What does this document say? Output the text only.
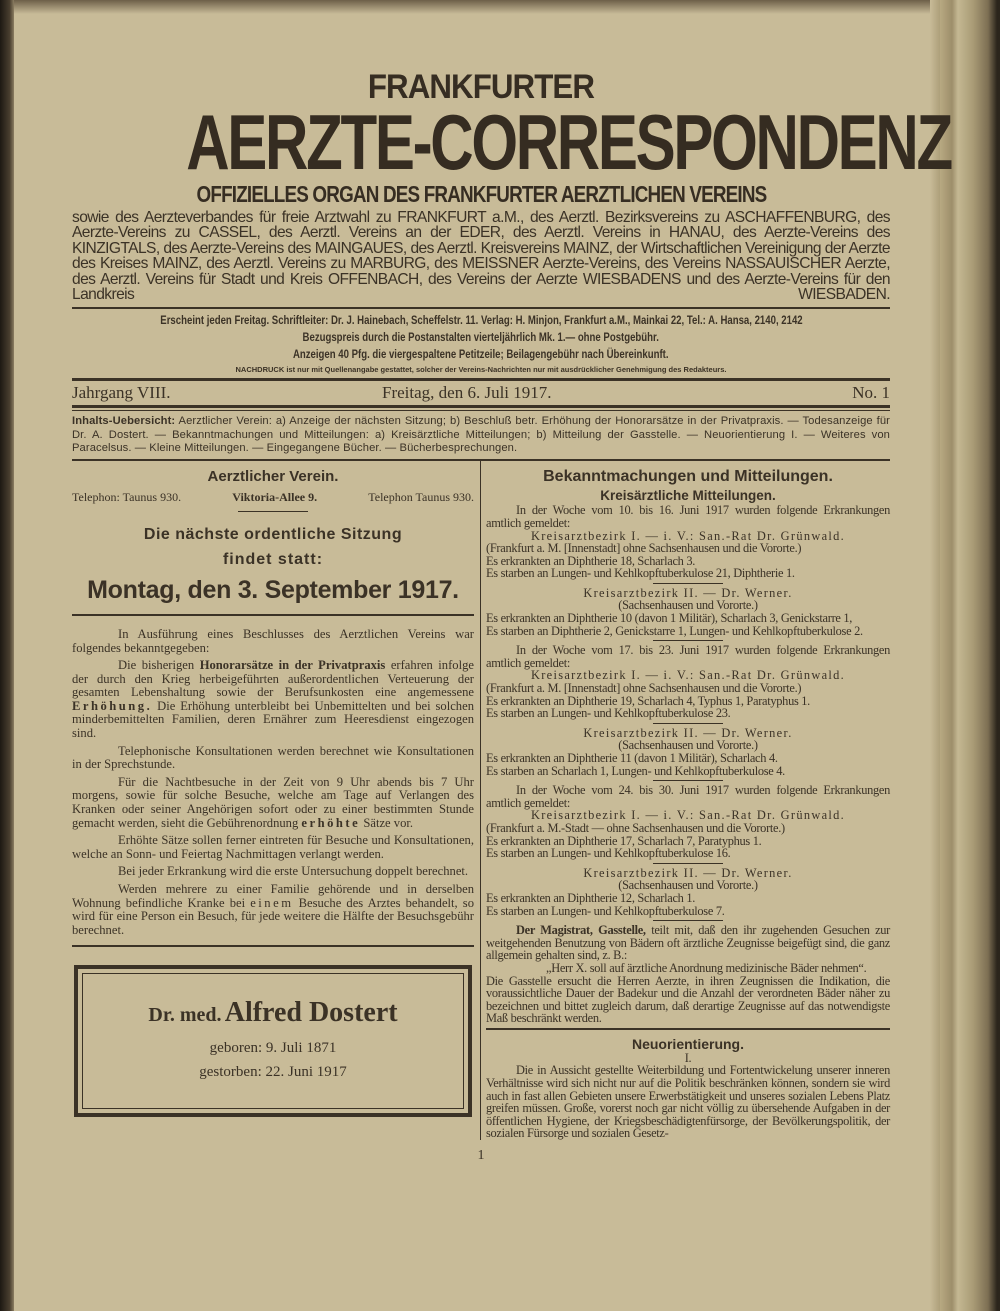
FRANKFURTER
AERZTE-CORRESPONDENZ
OFFIZIELLES ORGAN DES FRANKFURTER AERZTLICHEN VEREINS
sowie des Aerzteverbandes für freie Arztwahl zu FRANKFURT a.M., des Aerztl. Bezirksvereins zu ASCHAFFENBURG, des Aerzte-Vereins zu CASSEL, des Aerztl. Vereins an der EDER, des Aerztl. Vereins in HANAU, des Aerzte-Vereins des KINZIGTALS, des Aerzte-Vereins des MAINGAUES, des Aerztl. Kreisvereins MAINZ, der Wirtschaftlichen Vereinigung der Aerzte des Kreises MAINZ, des Aerztl. Vereins zu MARBURG, des MEISSNER Aerzte-Vereins, des Vereins NASSAUISCHER Aerzte, des Aerztl. Vereins für Stadt und Kreis OFFENBACH, des Vereins der Aerzte WIESBADENS und des Aerzte-Vereins für den Landkreis WIESBADEN.
Erscheint jeden Freitag. Schriftleiter: Dr. J. Hainebach, Scheffelstr. 11. Verlag: H. Minjon, Frankfurt a.M., Mainkai 22, Tel.: A. Hansa, 2140, 2142
Bezugspreis durch die Postanstalten vierteljährlich Mk. 1.— ohne Postgebühr.
Anzeigen 40 Pfg. die viergespaltene Petitzeile; Beilagengebühr nach Übereinkunft.
NACHDRUCK ist nur mit Quellenangabe gestattet, solcher der Vereins-Nachrichten nur mit ausdrücklicher Genehmigung des Redakteurs.
Jahrgang VIII.	Freitag, den 6. Juli 1917.	No. 1
Inhalts-Uebersicht: Aerztlicher Verein: a) Anzeige der nächsten Sitzung; b) Beschluß betr. Erhöhung der Honorarsätze in der Privatpraxis. — Todesanzeige für Dr. A. Dostert. — Bekanntmachungen und Mitteilungen: a) Kreisärztliche Mitteilungen; b) Mitteilung der Gasstelle. — Neuorientierung I. — Weiteres von Paracelsus. — Kleine Mitteilungen. — Eingegangene Bücher. — Bücherbesprechungen.
Aerztlicher Verein.
Telephon: Taunus 930.	Viktoria-Allee 9.	Telephon Taunus 930.
Die nächste ordentliche Sitzung
findet statt:
Montag, den 3. September 1917.

In Ausführung eines Beschlusses des Aerztlichen Vereins war folgendes bekanntgegeben:

Die bisherigen Honorarsätze in der Privatpraxis erfahren infolge der durch den Krieg herbeigeführten außerordentlichen Verteuerung der gesamten Lebenshaltung sowie der Berufsunkosten eine angemessene Erhöhung. Die Erhöhung unterbleibt bei Unbemittelten und bei solchen minderbemittelten Familien, deren Ernährer zum Heeresdienst eingezogen sind.

Telephonische Konsultationen werden berechnet wie Konsultationen in der Sprechstunde.

Für die Nachtbesuche in der Zeit von 9 Uhr abends bis 7 Uhr morgens, sowie für solche Besuche, welche am Tage auf Verlangen des Kranken oder seiner Angehörigen sofort oder zu einer bestimmten Stunde gemacht werden, sieht die Gebührenordnung erhöhte Sätze vor.

Erhöhte Sätze sollen ferner eintreten für Besuche und Konsultationen, welche an Sonn- und Feiertag Nachmittagen verlangt werden.

Bei jeder Erkrankung wird die erste Untersuchung doppelt berechnet.

Werden mehrere zu einer Familie gehörende und in derselben Wohnung befindliche Kranke bei einem Besuche des Arztes behandelt, so wird für eine Person ein Besuch, für jede weitere die Hälfte der Besuchsgebühr berechnet.

Dr. med. Alfred Dostert
geboren: 9. Juli 1871
gestorben: 22. Juni 1917
Bekanntmachungen und Mitteilungen.
Kreisärztliche Mitteilungen.

In der Woche vom 10. bis 16. Juni 1917 wurden folgende Erkrankungen amtlich gemeldet:

Kreisarztbezirk I. — i. V.: San.-Rat Dr. Grünwald.

(Frankfurt a. M. [Innenstadt] ohne Sachsenhausen und die Vororte.)

Es erkrankten an Diphtherie 18, Scharlach 3.

Es starben an Lungen- und Kehlkopftuberkulose 21, Diphtherie 1.

Kreisarztbezirk II. — Dr. Werner.

(Sachsenhausen und Vororte.)

Es erkrankten an Diphtherie 10 (davon 1 Militär), Scharlach 3, Genickstarre 1,

Es starben an Diphtherie 2, Genickstarre 1, Lungen- und Kehlkopftuberkulose 2.

In der Woche vom 17. bis 23. Juni 1917 wurden folgende Erkrankungen amtlich gemeldet:

Kreisarztbezirk I. — i. V.: San.-Rat Dr. Grünwald.

(Frankfurt a. M. [Innenstadt] ohne Sachsenhausen und die Vororte.)

Es erkrankten an Diphtherie 19, Scharlach 4, Typhus 1, Paratyphus 1.

Es starben an Lungen- und Kehlkopftuberkulose 23.

Kreisarztbezirk II. — Dr. Werner.

(Sachsenhausen und Vororte.)

Es erkrankten an Diphtherie 11 (davon 1 Militär), Scharlach 4.

Es starben an Scharlach 1, Lungen- und Kehlkopftuberkulose 4.

In der Woche vom 24. bis 30. Juni 1917 wurden folgende Erkrankungen amtlich gemeldet:

Kreisarztbezirk I. — i. V.: San.-Rat Dr. Grünwald.

(Frankfurt a. M.-Stadt — ohne Sachsenhausen und die Vororte.)

Es erkrankten an Diphtherie 17, Scharlach 7, Paratyphus 1.

Es starben an Lungen- und Kehlkopftuberkulose 16.

Kreisarztbezirk II. — Dr. Werner.

(Sachsenhausen und Vororte.)

Es erkrankten an Diphtherie 12, Scharlach 1.

Es starben an Lungen- und Kehlkopftuberkulose 7.

Der Magistrat, Gasstelle, teilt mit, daß den ihr zugehenden Gesuchen zur weitgehenden Benutzung von Bädern oft ärztliche Zeugnisse beigefügt sind, die ganz allgemein gehalten sind, z. B.:

„Herr X. soll auf ärztliche Anordnung medizinische Bäder nehmen“.

Die Gasstelle ersucht die Herren Aerzte, in ihren Zeugnissen die Indikation, die voraussichtliche Dauer der Badekur und die Anzahl der verordneten Bäder näher zu bezeichnen und bittet zugleich darum, daß derartige Zeugnisse auf das notwendigste Maß beschränkt werden.

Neuorientierung.

I.

Die in Aussicht gestellte Weiterbildung und Fortentwickelung unserer inneren Verhältnisse wird sich nicht nur auf die Politik beschränken können, sondern sie wird auch in fast allen Gebieten unsere Erwerbstätigkeit und unseres sozialen Lebens Platz greifen müssen. Große, vorerst noch gar nicht völlig zu übersehende Aufgaben in der öffentlichen Hygiene, der Kriegsbeschädigtenfürsorge, der Bevölkerungspolitik, der sozialen Fürsorge und sozialen Gesetz-

1
